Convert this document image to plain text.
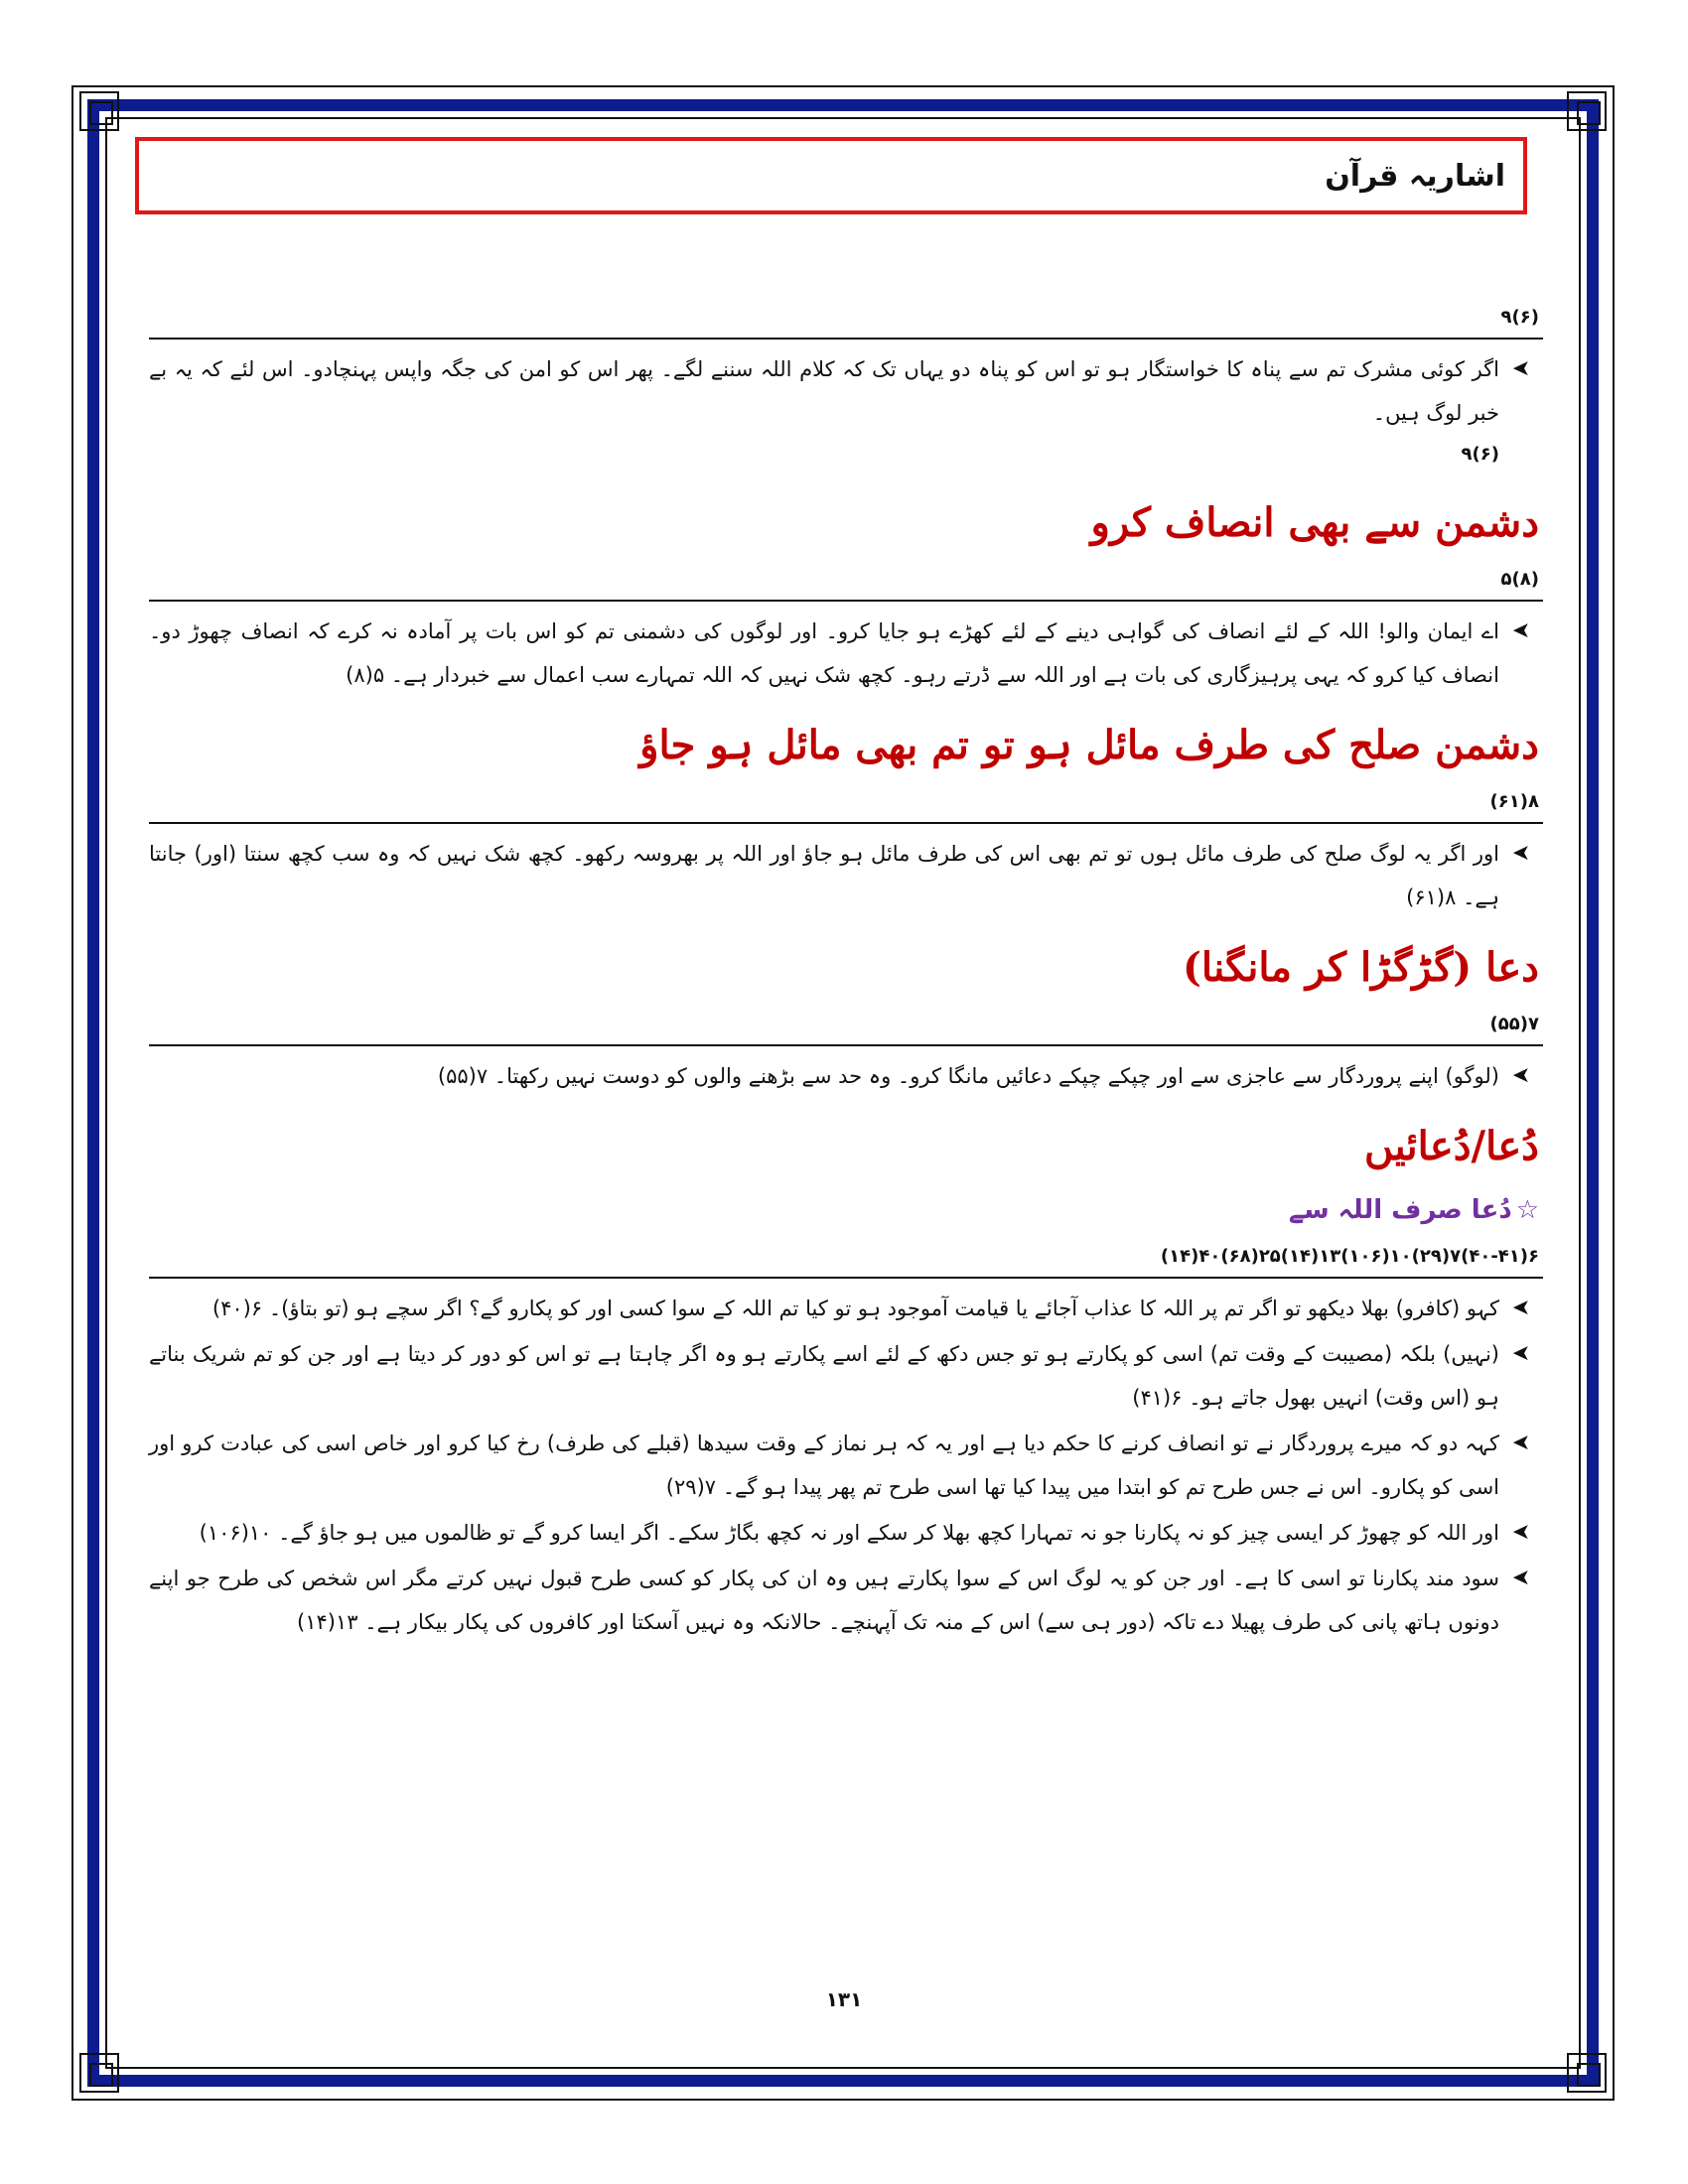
اشاریہ قرآن
(۶)۹
➤
اگر کوئی مشرک تم سے پناہ کا خواستگار ہو تو اس کو پناہ دو یہاں تک کہ کلام اللہ سننے لگے۔ پھر اس کو امن کی جگہ واپس پہنچادو۔ اس لئے کہ یہ بے خبر لوگ ہیں۔
(۶)۹
دشمن سے بھی انصاف کرو
(۸)۵
➤
اے ایمان والو! اللہ کے لئے انصاف کی گواہی دینے کے لئے کھڑے ہو جایا کرو۔ اور لوگوں کی دشمنی تم کو اس بات پر آمادہ نہ کرے کہ انصاف چھوڑ دو۔ انصاف کیا کرو کہ یہی پرہیزگاری کی بات ہے اور اللہ سے ڈرتے رہو۔ کچھ شک نہیں کہ اللہ تمہارے سب اعمال سے خبردار ہے۔ ۵(۸)
دشمن صلح کی طرف مائل ہو تو تم بھی مائل ہو جاؤ
۸(۶۱)
➤
اور اگر یہ لوگ صلح کی طرف مائل ہوں تو تم بھی اس کی طرف مائل ہو جاؤ اور اللہ پر بھروسہ رکھو۔ کچھ شک نہیں کہ وہ سب کچھ سنتا (اور) جانتا ہے۔ ۸(۶۱)
دعا (گڑگڑا کر مانگنا)
۷(۵۵)
➤
(لوگو) اپنے پروردگار سے عاجزی سے اور چپکے چپکے دعائیں مانگا کرو۔ وہ حد سے بڑھنے والوں کو دوست نہیں رکھتا۔ ۷(۵۵)
دُعا/دُعائیں
☆دُعا صرف اللہ سے
۶(۴۰-۴۱)۷(۲۹)۱۰(۱۰۶)۱۳(۱۴)۲۵(۶۸)۴۰(۱۴)
➤
کہو (کافرو) بھلا دیکھو تو اگر تم پر اللہ کا عذاب آجائے یا قیامت آموجود ہو تو کیا تم اللہ کے سوا کسی اور کو پکارو گے؟ اگر سچے ہو (تو بتاؤ)۔ ۶(۴۰)
➤
(نہیں) بلکہ (مصیبت کے وقت تم) اسی کو پکارتے ہو تو جس دکھ کے لئے اسے پکارتے ہو وہ اگر چاہتا ہے تو اس کو دور کر دیتا ہے اور جن کو تم شریک بناتے ہو (اس وقت) انہیں بھول جاتے ہو۔ ۶(۴۱)
➤
کہہ دو کہ میرے پروردگار نے تو انصاف کرنے کا حکم دیا ہے اور یہ کہ ہر نماز کے وقت سیدھا (قبلے کی طرف) رخ کیا کرو اور خاص اسی کی عبادت کرو اور اسی کو پکارو۔ اس نے جس طرح تم کو ابتدا میں پیدا کیا تھا اسی طرح تم پھر پیدا ہو گے۔ ۷(۲۹)
➤
اور اللہ کو چھوڑ کر ایسی چیز کو نہ پکارنا جو نہ تمہارا کچھ بھلا کر سکے اور نہ کچھ بگاڑ سکے۔ اگر ایسا کرو گے تو ظالموں میں ہو جاؤ گے۔ ۱۰(۱۰۶)
➤
سود مند پکارنا تو اسی کا ہے۔ اور جن کو یہ لوگ اس کے سوا پکارتے ہیں وہ ان کی پکار کو کسی طرح قبول نہیں کرتے مگر اس شخص کی طرح جو اپنے دونوں ہاتھ پانی کی طرف پھیلا دے تاکہ (دور ہی سے) اس کے منہ تک آپہنچے۔ حالانکہ وہ نہیں آسکتا اور کافروں کی پکار بیکار ہے۔ ۱۳(۱۴)
۱۳۱
